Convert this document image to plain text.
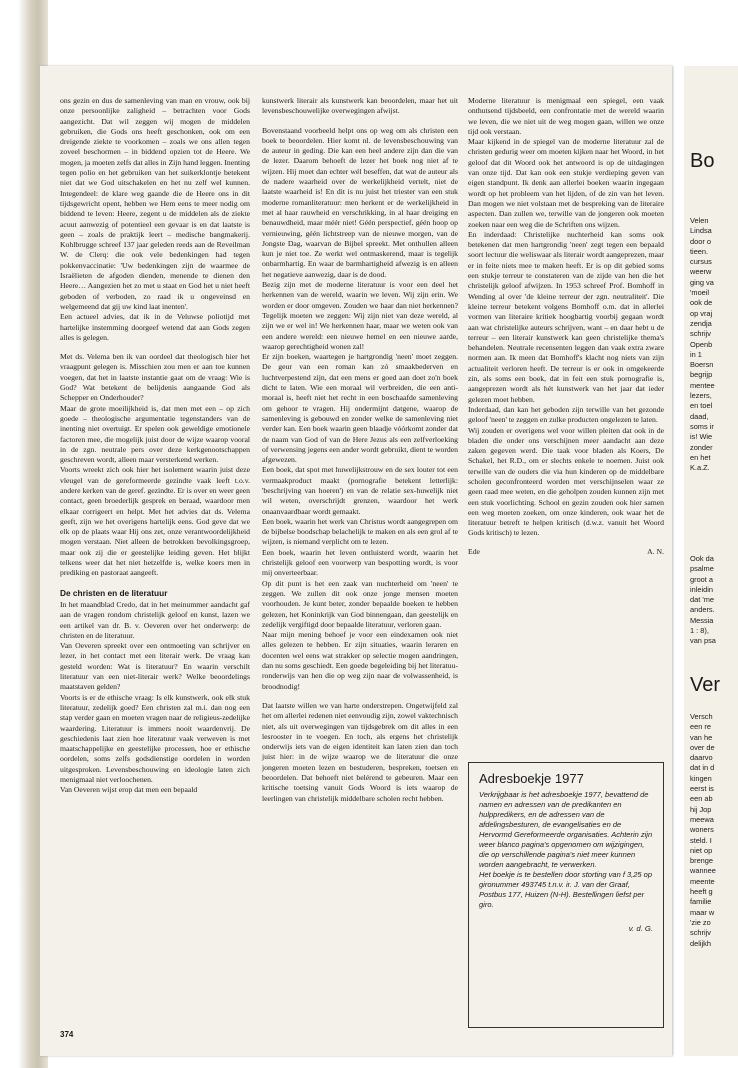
Bo
Velen
Lindsa
door o
tieen.
cursus
weerw
ging va
'moeil
ook de
op vraj
zendja
schrijv
Openb
in 1
Boersn
begrijp
mentee
lezers,
en toel
daad,
soms ir
is! Wie
zonder
en het
K.a.Z.
Ook da
psalme
groot a
inleidin
dat 'me
anders.
Messia
1 : 8),
van psa
Ver
Versch
een re
van he
over de
daarvo
dat in d
kingen
eerst is
een ab
hij Jop
meewa
woners
steld. I
niet op
brenge
wannee
meente
heeft g
familie
maar w
'zie zo
schrijv
delijkh

ons gezin en dus de samenleving van man en vrouw, ook bij onze persoonlijke zaligheid – betrachten voor Gods aangezicht. Dat wil zeggen wij mogen de middelen gebruiken, die Gods ons heeft geschonken, ook om een dreigende ziekte te voorkomen – zoals we ons allen tegen zoveel beschormen – in biddend opzien tot de Heere. We mogen, ja moeten zelfs dat alles in Zijn hand leggen. Inenting tegen polio en het gebruiken van het suikerklontje betekent niet dat we God uitschakelen en het nu zelf wel kunnen. Integendeel: de klare weg gaande die de Heere ons in dit tijdsgewricht opent, hebben we Hem eens te meer nodig om biddend te leven: Heere, zegent u de middelen als de ziekte acuut aanwezig of potentieel een gevaar is en dat laatste is geen – zoals de praktijk leert – medische bangmakerij. Kohlbrugge schreef 137 jaar geleden reeds aan de Reveilman W. de Clerq: die ook vele bedenkingen had tegen pokkenvaccinatie: 'Uw bedenkingen zijn de waarmee de Israëlieten de afgoden dienden, menende te dienen den Heere… Aangezien het zo met u staat en God het u niet heeft geboden of verboden, zo raad ik u ongeveinsd en welgemeend dat gij uw kind laat inenten'.

Een actueel advies, dat ik in de Veluwse poliotijd met hartelijke instemming doorgeef wetend dat aan Gods zegen alles is gelegen.

Met ds. Velema ben ik van oordeel dat theologisch hier het vraagpunt gelegen is. Misschien zou men er aan toe kunnen voegen, dat het in laatste instantie gaat om de vraag: Wie is God? Wat betekent de belijdenis aangaande God als Schepper en Onderhouder?

Maar de grote moeilijkheid is, dat men met een – op zich goede – theologische argumentatie tegenstanders van de inenting niet overtuigt. Er spelen ook geweldige emotionele factoren mee, die mogelijk juist door de wijze waarop vooral in de zgn. neutrale pers over deze kerkgenootschappen geschreven wordt, alleen maar versterkend werken.

Voorts wreekt zich ook hier het isolement waarin juist deze vleugel van de gereformeerde gezindte vaak leeft t.o.v. andere kerken van de geref. gezindte. Er is over en weer geen contact, geen broederlijk gesprek en beraad, waardoor men elkaar corrigeert en helpt. Met het advies dat ds. Velema geeft, zijn we het overigens hartelijk eens. God geve dat we elk op de plaats waar Hij ons zet, onze verantwoordelijkheid mogen verstaan. Niet alleen de betrokken bevolkingsgroep, maar ook zij die er geestelijke leiding geven. Het blijkt telkens weer dat het niet hetzelfde is, welke koers men in prediking en pastoraat aangeeft.

De christen en de literatuur

In het maandblad Credo, dat in het meinummer aandacht gaf aan de vragen rondom christelijk geloof en kunst, lazen we een artikel van dr. B. v. Oeveren over het onderwerp: de christen en de literatuur.

Van Oeveren spreekt over een ontmoeting van schrijver en lezer, in het contact met een literair werk. De vraag kan gesteld worden: Wat is literatuur? En waarin verschilt literatuur van een niet-literair werk? Welke beoordelings maatstaven gelden?

Voorts is er de ethische vraag: Is elk kunstwerk, ook elk stuk literatuur, zedelijk goed? Een christen zal m.i. dan nog een stap verder gaan en moeten vragen naar de religieus-zedelijke waardering. Literatuur is immers nooit waardenvrij. De geschiedenis laat zien hoe literatuur vaak verweven is met maatschappelijke en geestelijke processen, hoe er ethische oordelen, soms zelfs godsdienstige oordelen in worden uitgesproken. Levensbeschouwing en ideologie laten zich menigmaal niet verloochenen.

Van Oeveren wijst erop dat men een bepaald

kunstwerk literair als kunstwerk kan beoordelen, maar het uit levensbeschouwelijke overwegingen afwijst.

Bovenstaand voorbeeld helpt ons op weg om als christen een boek te beoordelen. Hier komt nl. de levensbeschouwing van de auteur in geding. Die kan een heel andere zijn dan die van de lezer. Daarom behoeft de lezer het boek nog niet af te wijzen. Hij moet dan echter wél beseffen, dat wat de auteur als de nadere waarheid over de werkelijkheid vertelt, niet de laatste waarheid is! En dit is nu juist het triester van een stuk moderne romanliteratuur: men herkent er de werkelijkheid in met al haar rauwheid en verschrikking, in al haar dreiging en benauwdheid, maar méér niet! Géén perspectief, géén hoop op vernieuwing, géén lichtstreep van de nieuwe morgen, van de Jongste Dag, waarvan de Bijbel spreekt. Met onthullen alleen kun je niet toe. Ze werkt wel ontmaskerend, maar is tegelijk onbarmhartig. En waar de barmhartigheid afwezig is en alleen het negatieve aanwezig, daar is de dood.

Bezig zijn met de moderne literatuur is voor een deel het herkennen van de wereld, waarin we leven. Wij zijn erin. We worden er door omgeven. Zouden we haar dan niet herkennen? Tegelijk moeten we zeggen: Wij zijn niet van deze wereld, al zijn we er wel in! We herkennen haar, maar we weten ook van een andere wereld: een nieuwe hemel en een nieuwe aarde, waarop gerechtigheid wonen zal!

Er zijn boeken, waartegen je hartgrondig 'neen' moet zeggen. De geur van een roman kan zó smaakbederven en luchtverpestend zijn, dat een mens er goed aan doet zo'n boek dicht te laten. Wie een moraal wil verbreiden, die een anti-moraal is, heeft niet het recht in een boschaafde samenleving om gehoor te vragen. Hij ondermijnt datgene, waarop de samenleving is gebouwd en zonder welke de samenleving niet verder kan. Een boek waarin geen blaadje vóórkomt zonder dat de naam van God of van de Here Jezus als een zelfverloeking of verwensing jegens een ander wordt gebruikt, dient te worden afgewezen.

Een boek, dat spot met huwelijkstrouw en de sex louter tot een vermaakproduct maakt (pornografie betekent letterlijk: 'beschrijving van hoeren') en van de relatie sex-huwelijk niet wil weten, overschrijdt grenzen, waardoor het werk onaanvaardbaar wordt gemaakt.

Een boek, waarin het werk van Christus wordt aangegrepen om de bijbelse boodschap belachelijk te maken en als een grol af te wijzen, is niemand verplicht om te lezen.

Een boek, waarin het leven ontluisterd wordt, waarin het christelijk geloof een voorwerp van bespotting wordt, is voor mij onverteerbaar.

Op dit punt is het een zaak van nuchterheid om 'neen' te zeggen. We zullen dit ook onze jonge mensen moeten voorhouden. Je kunt beter, zonder bepaalde boeken te hebben gelezen, het Koninkrijk van God binnengaan, dan geestelijk en zedelijk vergiftigd door bepaalde literatuur, verloren gaan.

Naar mijn mening behoef je voor een eindexamen ook niet alles gelezen te hebben. Er zijn situaties, waarin leraren en docenten wel eens wat strakker op selectie mogen aandringen, dan nu soms geschiedt. Een goede begeleiding bij het literatuuronderwijs van hen die op weg zijn naar de volwassenheid, is broodnodig!

Dat laatste willen we van harte onderstrepen. Ongetwijfeld zal het om allerlei redenen niet eenvoudig zijn, zowel vaktechnisch niet, als uit overwegingen van tijdsgebrek om dit alles in een lesrooster in te voegen. En toch, als ergens het christelijk onderwijs iets van de eigen identiteit kan laten zien dan toch juist hier: in de wijze waarop we de literatuur die onze jongeren moeten lezen en bestuderen, bespreken, toetsen en beoordelen. Dat behoeft niet belérend te gebeuren. Maar een kritische toetsing vanuit Gods Woord is iets waarop de leerlingen van christelijk middelbare scholen recht hebben.

Moderne literatuur is menigmaal een spiegel, een vaak onthutsend tijdsbeeld, een confrontatie met de wereld waarin we leven, die we niet uit de weg mogen gaan, willen we onze tijd ook verstaan.

Maar kijkend in de spiegel van de moderne literatuur zal de christen gedurig weer om moeten kijken naar het Woord, in het geloof dat dit Woord ook het antwoord is op de uitdagingen van onze tijd. Dat kan ook een stukje verdieping geven van eigen standpunt. Ik denk aan allerlei boeken waarin ingegaan wordt op het probleem van het lijden, of de zin van het leven. Dan mogen we niet volstaan met de bespreking van de literaire aspecten. Dan zullen we, terwille van de jongeren ook moeten zoeken naar een weg die de Schriften ons wijzen.

En inderdaad: Christelijke nuchterheid kan soms ook betekenen dat men hartgrondig 'neen' zegt tegen een bepaald soort lectuur die weliswaar als literair wordt aangeprezen, maar er in feite niets mee te maken heeft. Er is op dit gebied soms een stukje terreur te constateren van de zijde van hen die het christelijk geloof afwijzen. In 1953 schreef Prof. Bomhoff in Wending al over 'de kleine terreur der zgn. neutraliteit'. Die kleine terreur betekent volgens Bomhoff o.m. dat in allerlei vormen van literaire kritiek hoogbartig voorbij gegaan wordt aan wat christelijke auteurs schrijven, want – en daar hebt u de terreur – een literair kunstwerk kan geen christelijke thema's behandelen. Neutrale recensenten leggen dan vaak extra zware normen aan. Ik meen dat Bomhoff's klacht nog niets van zijn actualiteit verloren heeft. De terreur is er ook in omgekeerde zin, als soms een boek, dat in feit een stuk pornografie is, aangeprezen wordt als hét kunstwerk van het jaar dat ieder gelezen moet hebben.

Inderdaad, dan kan het geboden zijn terwille van het gezonde geloof 'neen' te zeggen en zulke producten ongelezen te laten.

Wij zouden er overigens wel voor willen pleiten dat ook in de bladen die onder ons verschijnen meer aandacht aan deze zaken gegeven werd. Die taak voor bladen als Koers, De Schakel, het R.D., om er slechts enkele te noemen. Juist ook terwille van de ouders die via hun kinderen op de middelbare scholen geconfronteerd worden met verschijnselen waar ze geen raad mee weten, en die geholpen zouden kunnen zijn met een stuk voorlichting. School en gezin zouden ook hier samen een weg moeten zoeken, om onze kinderen, ook waar het de literatuur betreft te helpen kritisch (d.w.z. vanuit het Woord Gods kritisch) te lezen.

Ede	A. N.
Adresboekje 1977

Verkrijgbaar is het adresboekje 1977, bevattend de namen en adressen van de predikanten en hulppredikers, en de adressen van de afdelingsbesturen, de evangelisaties en de Hervormd Gereformeerde organisaties. Achterin zijn weer blanco pagina's opgenomen om wijzigingen, die op verschillende pagina's niet meer kunnen worden aangebracht, te verwerken.

Het boekje is te bestellen door storting van f 3,25 op gironummer 493745 t.n.v. ir. J. van der Graaf, Postbus 177, Huizen (N-H). Bestellingen liefst per giro.

v. d. G.
374
